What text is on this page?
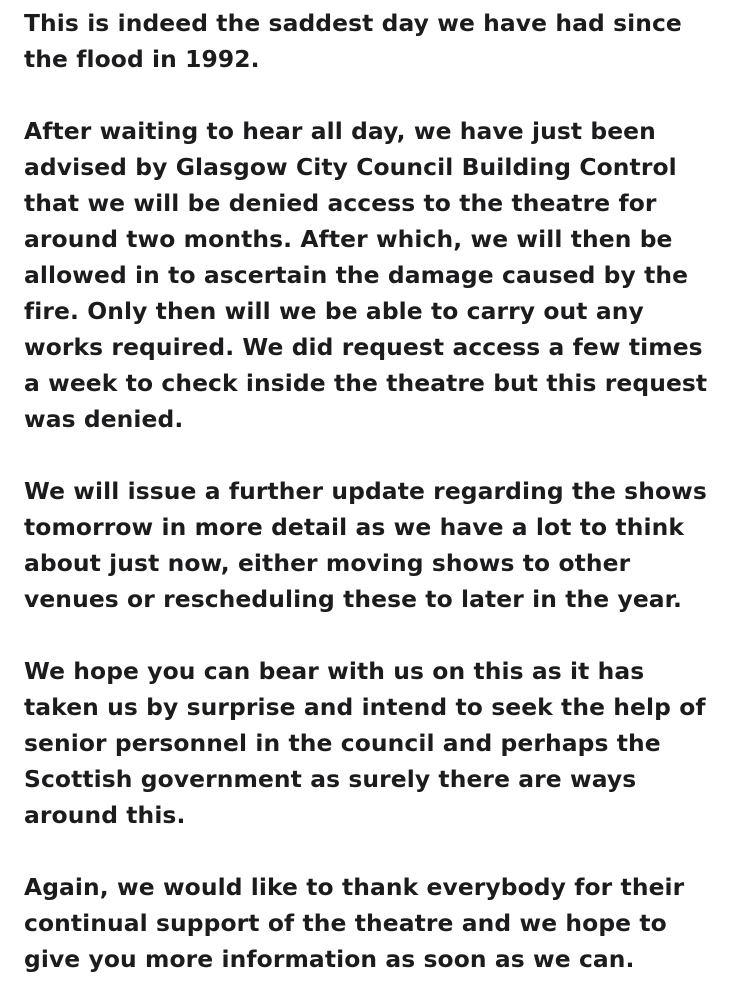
This is indeed the saddest day we have had since
the flood in 1992.

After waiting to hear all day, we have just been
advised by Glasgow City Council Building Control
that we will be denied access to the theatre for
around two months. After which, we will then be
allowed in to ascertain the damage caused by the
fire. Only then will we be able to carry out any
works required. We did request access a few times
a week to check inside the theatre but this request
was denied.

We will issue a further update regarding the shows
tomorrow in more detail as we have a lot to think
about just now, either moving shows to other
venues or rescheduling these to later in the year.

We hope you can bear with us on this as it has
taken us by surprise and intend to seek the help of
senior personnel in the council and perhaps the
Scottish government as surely there are ways
around this.

Again, we would like to thank everybody for their
continual support of the theatre and we hope to
give you more information as soon as we can.
